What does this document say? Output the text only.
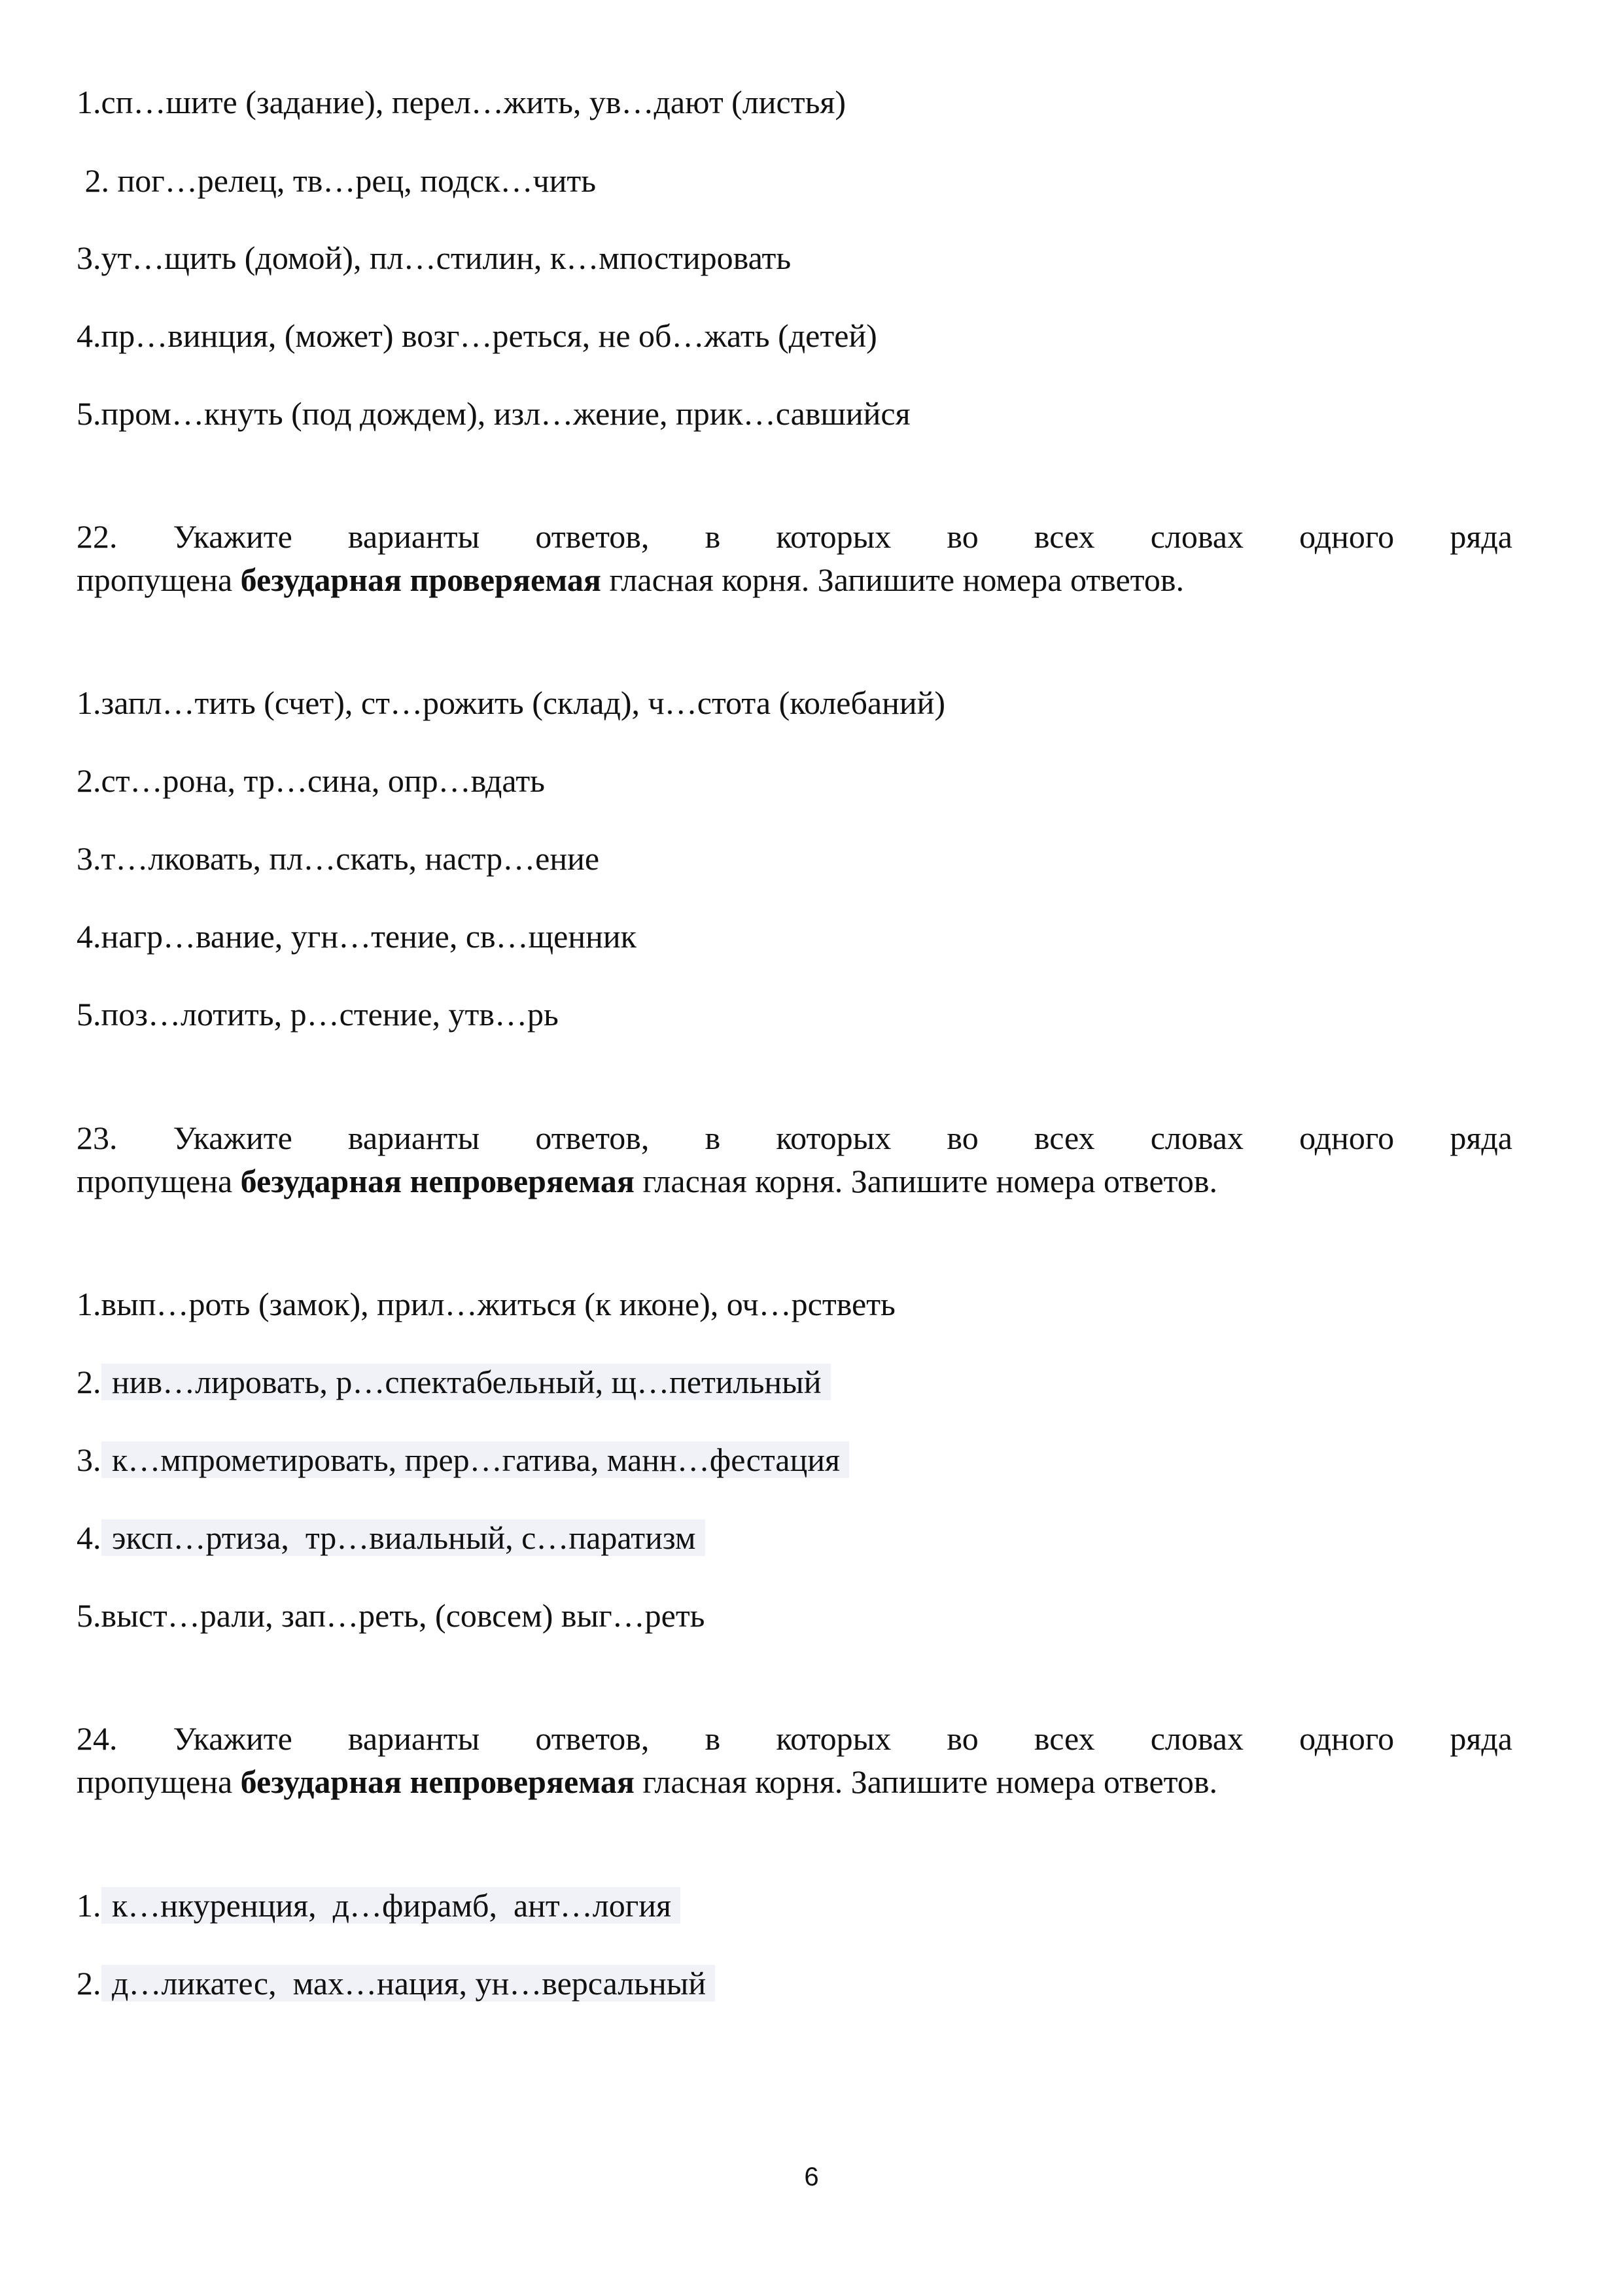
1.сп…шите (задание), перел…жить, ув…дают (листья)
2. пог…релец, тв…рец, подск…чить
3.ут…щить (домой), пл…стилин, к…мпостировать
4.пр…винция, (может) возг…реться, не об…жать (детей)
5.пром…кнуть (под дождем), изл…жение, прик…савшийся
22. Укажите варианты ответов, в которых во всех словах одного ряда
пропущена безударная проверяемая гласная корня. Запишите номера ответов.
1.запл…тить (счет), ст…рожить (склад), ч…стота (колебаний)
2.ст…рона, тр…сина, опр…вдать
3.т…лковать, пл…скать, настр…ение
4.нагр…вание, угн…тение, св…щенник
5.поз…лотить, р…стение, утв…рь
23. Укажите варианты ответов, в которых во всех словах одного ряда
пропущена безударная непроверяемая гласная корня. Запишите номера ответов.
1.вып…роть (замок), прил…житься (к иконе), оч…рстветь
2. нив…лировать, р…спектабельный, щ…петильный
3. к…мпрометировать, прер…гатива, манн…фестация
4. эксп…ртиза,  тр…виальный, с…паратизм
5.выст…рали, зап…реть, (совсем) выг…реть
24. Укажите варианты ответов, в которых во всех словах одного ряда
пропущена безударная непроверяемая гласная корня. Запишите номера ответов.
1. к…нкуренция,  д…фирамб,  ант…логия
2. д…ликатес,  мах…нация, ун…версальный
6
